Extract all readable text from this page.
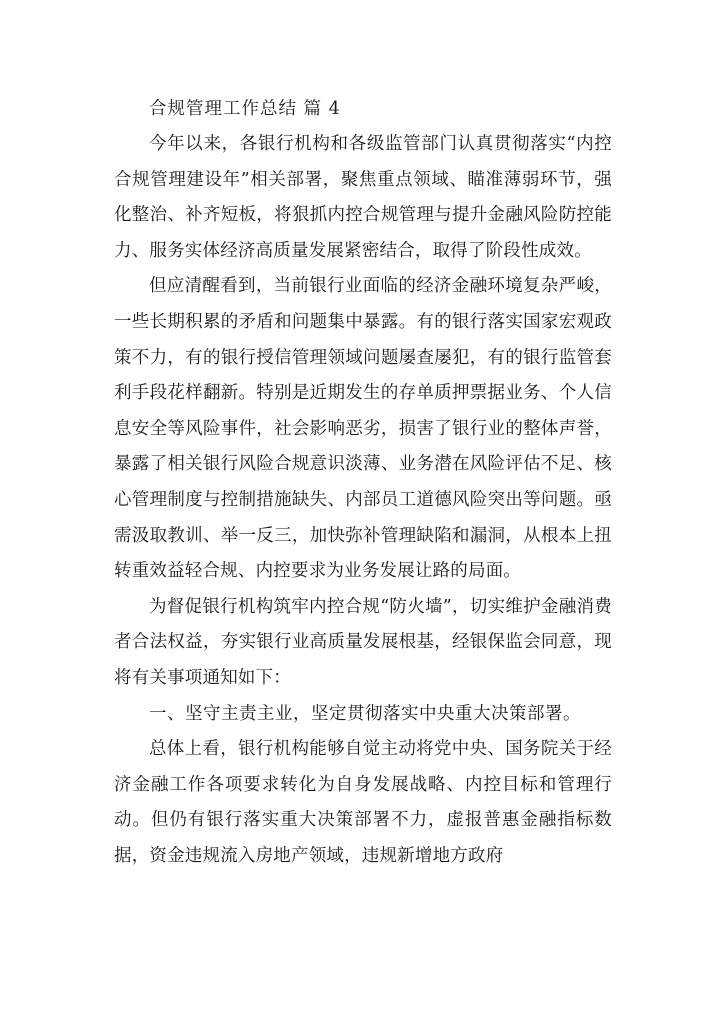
合规管理工作总结 篇 4

今年以来，各银行机构和各级监管部门认真贯彻落实“内控合规管理建设年”相关部署，聚焦重点领域、瞄准薄弱环节，强化整治、补齐短板，将狠抓内控合规管理与提升金融风险防控能力、服务实体经济高质量发展紧密结合，取得了阶段性成效。

但应清醒看到，当前银行业面临的经济金融环境复杂严峻，一些长期积累的矛盾和问题集中暴露。有的银行落实国家宏观政策不力，有的银行授信管理领域问题屡查屡犯，有的银行监管套利手段花样翻新。特别是近期发生的存单质押票据业务、个人信息安全等风险事件，社会影响恶劣，损害了银行业的整体声誉，暴露了相关银行风险合规意识淡薄、业务潜在风险评估不足、核心管理制度与控制措施缺失、内部员工道德风险突出等问题。亟需汲取教训、举一反三，加快弥补管理缺陷和漏洞，从根本上扭转重效益轻合规、内控要求为业务发展让路的局面。

为督促银行机构筑牢内控合规“防火墙”，切实维护金融消费者合法权益，夯实银行业高质量发展根基，经银保监会同意，现将有关事项通知如下：

一、坚守主责主业，坚定贯彻落实中央重大决策部署。

总体上看，银行机构能够自觉主动将党中央、国务院关于经济金融工作各项要求转化为自身发展战略、内控目标和管理行动。但仍有银行落实重大决策部署不力，虚报普惠金融指标数据，资金违规流入房地产领域，违规新增地方政府
